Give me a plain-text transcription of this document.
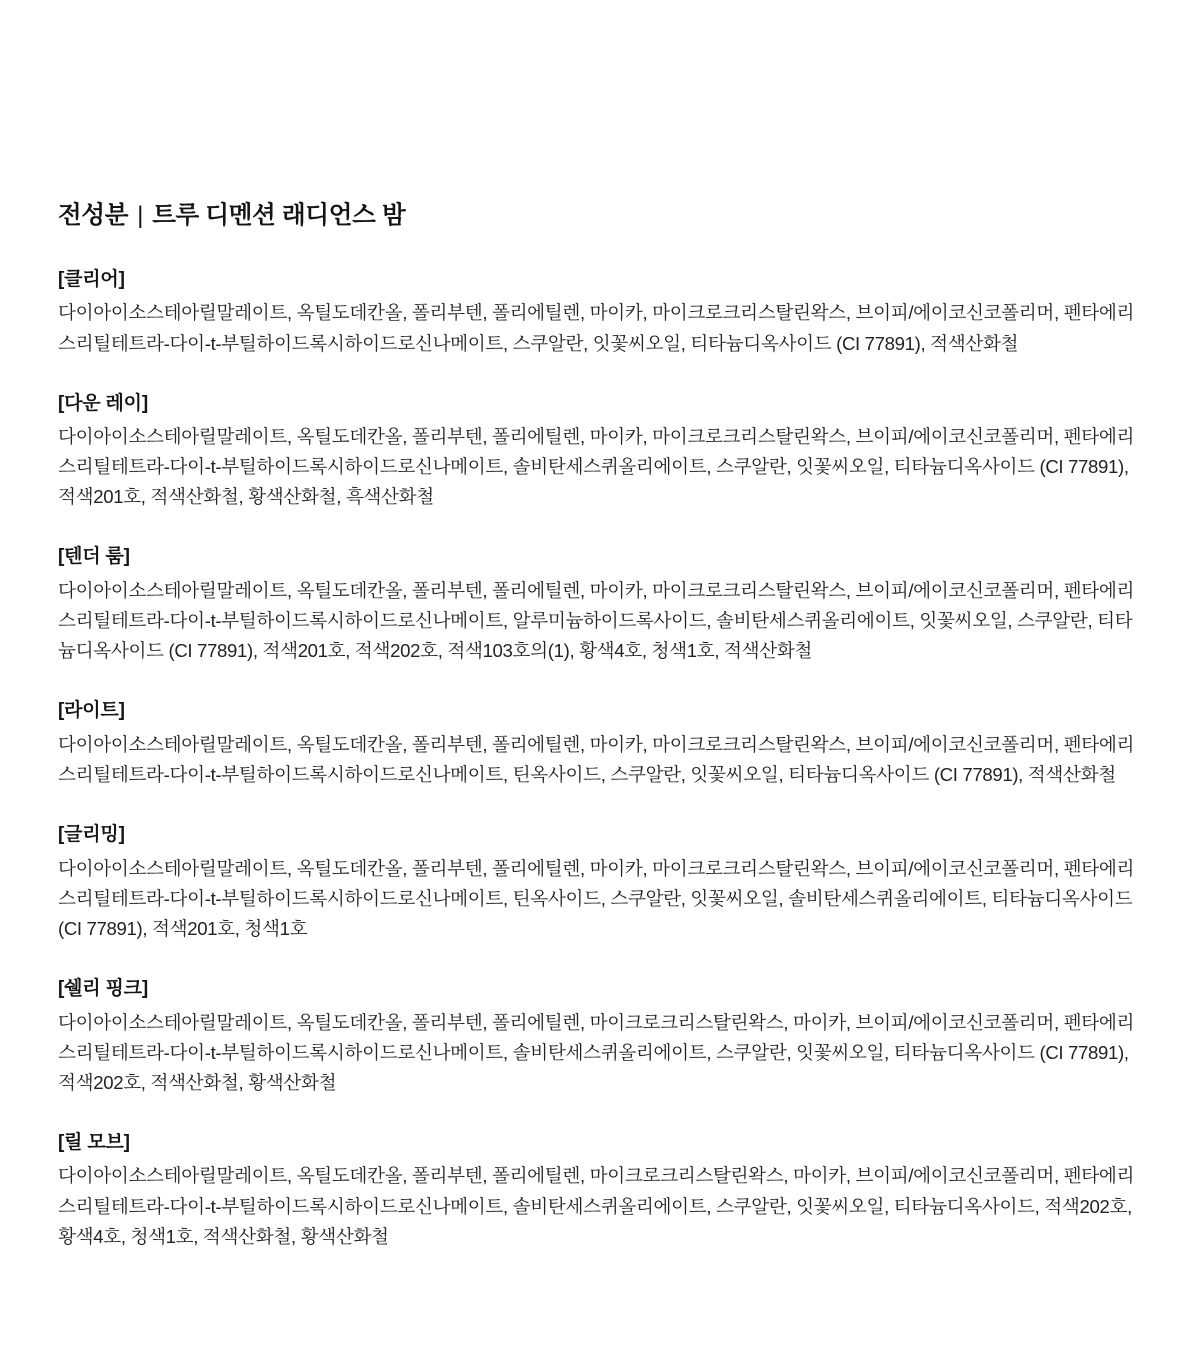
전성분 | 트루 디멘션 래디언스 밤
[클리어]

다이아이소스테아릴말레이트, 옥틸도데칸올, 폴리부텐, 폴리에틸렌, 마이카, 마이크로크리스탈린왁스, 브이피/에이코신코폴리머, 펜타에리스리틸테트라-다이-t-부틸하이드록시하이드로신나메이트, 스쿠알란, 잇꽃씨오일, 티타늄디옥사이드 (CI 77891), 적색산화철

[다운 레이]

다이아이소스테아릴말레이트, 옥틸도데칸올, 폴리부텐, 폴리에틸렌, 마이카, 마이크로크리스탈린왁스, 브이피/에이코신코폴리머, 펜타에리스리틸테트라-다이-t-부틸하이드록시하이드로신나메이트, 솔비탄세스퀴올리에이트, 스쿠알란, 잇꽃씨오일, 티타늄디옥사이드 (CI 77891), 적색201호, 적색산화철, 황색산화철, 흑색산화철

[텐더 룸]

다이아이소스테아릴말레이트, 옥틸도데칸올, 폴리부텐, 폴리에틸렌, 마이카, 마이크로크리스탈린왁스, 브이피/에이코신코폴리머, 펜타에리스리틸테트라-다이-t-부틸하이드록시하이드로신나메이트, 알루미늄하이드록사이드, 솔비탄세스퀴올리에이트, 잇꽃씨오일, 스쿠알란, 티타늄디옥사이드 (CI 77891), 적색201호, 적색202호, 적색103호의(1), 황색4호, 청색1호, 적색산화철

[라이트]

다이아이소스테아릴말레이트, 옥틸도데칸올, 폴리부텐, 폴리에틸렌, 마이카, 마이크로크리스탈린왁스, 브이피/에이코신코폴리머, 펜타에리스리틸테트라-다이-t-부틸하이드록시하이드로신나메이트, 틴옥사이드, 스쿠알란, 잇꽃씨오일, 티타늄디옥사이드 (CI 77891), 적색산화철

[글리밍]

다이아이소스테아릴말레이트, 옥틸도데칸올, 폴리부텐, 폴리에틸렌, 마이카, 마이크로크리스탈린왁스, 브이피/에이코신코폴리머, 펜타에리스리틸테트라-다이-t-부틸하이드록시하이드로신나메이트, 틴옥사이드, 스쿠알란, 잇꽃씨오일, 솔비탄세스퀴올리에이트, 티타늄디옥사이드 (CI 77891), 적색201호, 청색1호

[쉘리 핑크]

다이아이소스테아릴말레이트, 옥틸도데칸올, 폴리부텐, 폴리에틸렌, 마이크로크리스탈린왁스, 마이카, 브이피/에이코신코폴리머, 펜타에리스리틸테트라-다이-t-부틸하이드록시하이드로신나메이트, 솔비탄세스퀴올리에이트, 스쿠알란, 잇꽃씨오일, 티타늄디옥사이드 (CI 77891), 적색202호, 적색산화철, 황색산화철

[릴 모브]

다이아이소스테아릴말레이트, 옥틸도데칸올, 폴리부텐, 폴리에틸렌, 마이크로크리스탈린왁스, 마이카, 브이피/에이코신코폴리머, 펜타에리스리틸테트라-다이-t-부틸하이드록시하이드로신나메이트, 솔비탄세스퀴올리에이트, 스쿠알란, 잇꽃씨오일, 티타늄디옥사이드, 적색202호, 황색4호, 청색1호, 적색산화철, 황색산화철
